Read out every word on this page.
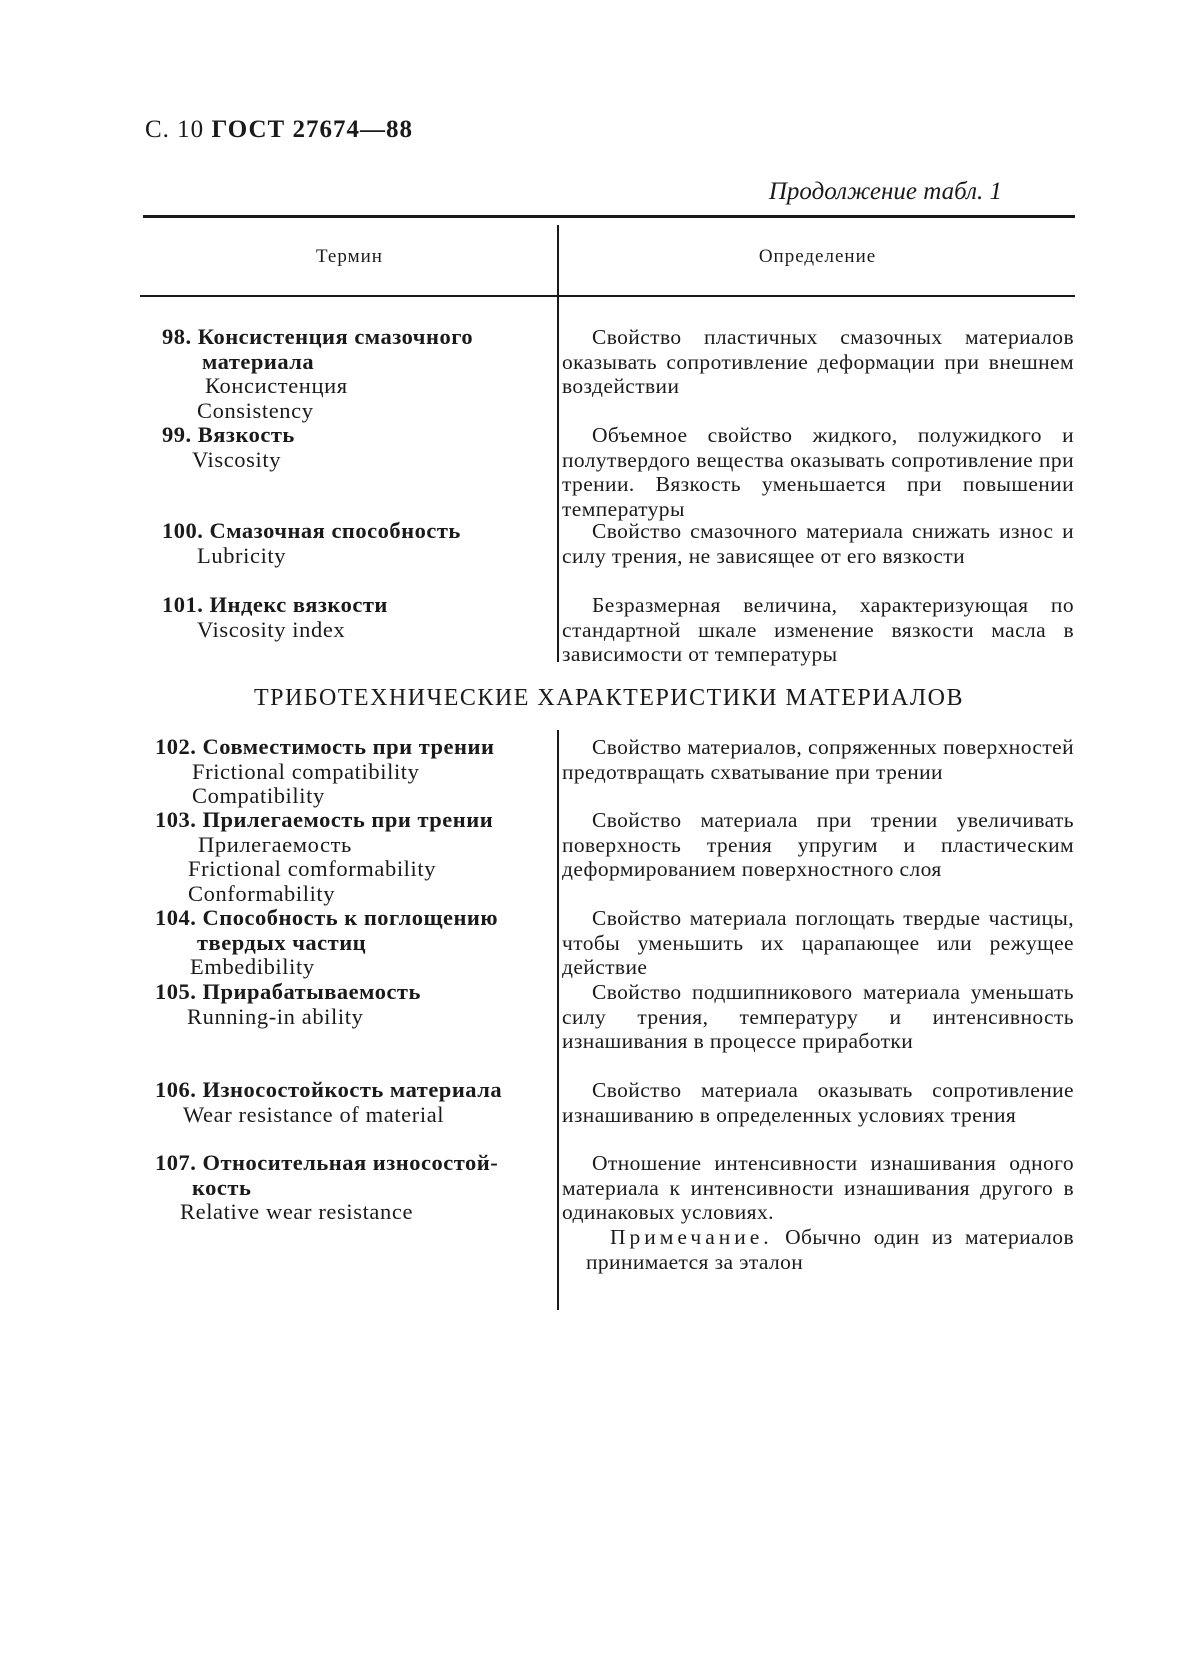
С. 10 ГОСТ 27674—88
Продолжение табл. 1
Термин	Определение
98. Консистенция смазочного
материала
Консистенция
Consistency
Свойство пластичных смазочных материалов оказывать сопротивление деформации при внешнем воздействии
99. Вязкость
Viscosity
Объемное свойство жидкого, полужидкого и полутвердого вещества оказывать сопротивление при трении. Вязкость уменьшается при повышении температуры
100. Смазочная способность
Lubricity
Свойство смазочного материала снижать износ и силу трения, не зависящее от его вязкости
101. Индекс вязкости
Viscosity index
Безразмерная величина, характеризующая по стандартной шкале изменение вязкости масла в зависимости от температуры
ТРИБОТЕХНИЧЕСКИЕ ХАРАКТЕРИСТИКИ МАТЕРИАЛОВ
102. Совместимость при трении
Frictional compatibility
Compatibility
Свойство материалов, сопряженных поверхностей предотвращать схватывание при трении
103. Прилегаемость при трении
Прилегаемость
Frictional comformability
Conformability
Свойство материала при трении увеличивать поверхность трения упругим и пластическим деформированием поверхностного слоя
104. Способность к поглощению
твердых частиц
Embedibility
Свойство материала поглощать твердые частицы, чтобы уменьшить их царапающее или режущее действие
105. Прирабатываемость
Running-in ability
Свойство подшипникового материала уменьшать силу трения, температуру и интенсивность изнашивания в процессе приработки
106. Износостойкость материала
Wear resistance of material
Свойство материала оказывать сопротивление изнашиванию в определенных условиях трения
107. Относительная износостой-
кость
Relative wear resistance
Отношение интенсивности изнашивания одного материала к интенсивности изнашивания другого в одинаковых условиях.
Примечание. Обычно один из материалов принимается за эталон
